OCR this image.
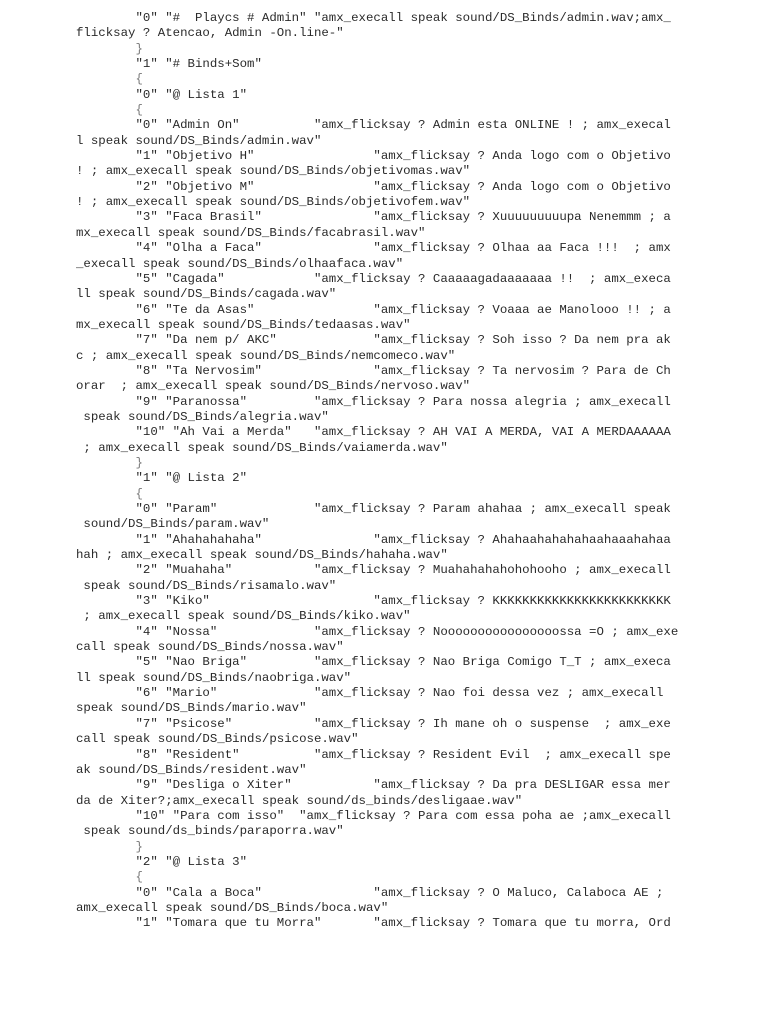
"0" "#  Playcs # Admin" "amx_execall speak sound/DS_Binds/admin.wav;amx_
flicksay ? Atencao, Admin -On.line-"
}
"1" "# Binds+Som"
{
"0" "@ Lista 1"
{
"0" "Admin On"          "amx_flicksay ? Admin esta ONLINE ! ; amx_execal
l speak sound/DS_Binds/admin.wav"
"1" "Objetivo H"                "amx_flicksay ? Anda logo com o Objetivo
! ; amx_execall speak sound/DS_Binds/objetivomas.wav"
"2" "Objetivo M"                "amx_flicksay ? Anda logo com o Objetivo
! ; amx_execall speak sound/DS_Binds/objetivofem.wav"
"3" "Faca Brasil"               "amx_flicksay ? Xuuuuuuuuupa Nenemmm ; a
mx_execall speak sound/DS_Binds/facabrasil.wav"
"4" "Olha a Faca"               "amx_flicksay ? Olhaa aa Faca !!!  ; amx
_execall speak sound/DS_Binds/olhaafaca.wav"
"5" "Cagada"            "amx_flicksay ? Caaaaagadaaaaaaa !!  ; amx_execa
ll speak sound/DS_Binds/cagada.wav"
"6" "Te da Asas"                "amx_flicksay ? Voaaa ae Manolooo !! ; a
mx_execall speak sound/DS_Binds/tedaasas.wav"
"7" "Da nem p/ AKC"             "amx_flicksay ? Soh isso ? Da nem pra ak
c ; amx_execall speak sound/DS_Binds/nemcomeco.wav"
"8" "Ta Nervosim"               "amx_flicksay ? Ta nervosim ? Para de Ch
orar  ; amx_execall speak sound/DS_Binds/nervoso.wav"
"9" "Paranossa"         "amx_flicksay ? Para nossa alegria ; amx_execall
speak sound/DS_Binds/alegria.wav"
"10" "Ah Vai a Merda"   "amx_flicksay ? AH VAI A MERDA, VAI A MERDAAAAAA
; amx_execall speak sound/DS_Binds/vaiamerda.wav"
}
"1" "@ Lista 2"
{
"0" "Param"             "amx_flicksay ? Param ahahaa ; amx_execall speak
sound/DS_Binds/param.wav"
"1" "Ahahahahaha"               "amx_flicksay ? Ahahaahahahahaahaaahahaa
hah ; amx_execall speak sound/DS_Binds/hahaha.wav"
"2" "Muahaha"           "amx_flicksay ? Muahahahahohohooho ; amx_execall
speak sound/DS_Binds/risamalo.wav"
"3" "Kiko"                      "amx_flicksay ? KKKKKKKKKKKKKKKKKKKKKKKK
; amx_execall speak sound/DS_Binds/kiko.wav"
"4" "Nossa"             "amx_flicksay ? Noooooooooooooooossa =O ; amx_exe
call speak sound/DS_Binds/nossa.wav"
"5" "Nao Briga"         "amx_flicksay ? Nao Briga Comigo T_T ; amx_execa
ll speak sound/DS_Binds/naobriga.wav"
"6" "Mario"             "amx_flicksay ? Nao foi dessa vez ; amx_execall
speak sound/DS_Binds/mario.wav"
"7" "Psicose"           "amx_flicksay ? Ih mane oh o suspense  ; amx_exe
call speak sound/DS_Binds/psicose.wav"
"8" "Resident"          "amx_flicksay ? Resident Evil  ; amx_execall spe
ak sound/DS_Binds/resident.wav"
"9" "Desliga o Xiter"           "amx_flicksay ? Da pra DESLIGAR essa mer
da de Xiter?;amx_execall speak sound/ds_binds/desligaae.wav"
"10" "Para com isso"  "amx_flicksay ? Para com essa poha ae ;amx_execall
speak sound/ds_binds/paraporra.wav"
}
"2" "@ Lista 3"
{
"0" "Cala a Boca"               "amx_flicksay ? O Maluco, Calaboca AE ;
amx_execall speak sound/DS_Binds/boca.wav"
"1" "Tomara que tu Morra"       "amx_flicksay ? Tomara que tu morra, Ord
